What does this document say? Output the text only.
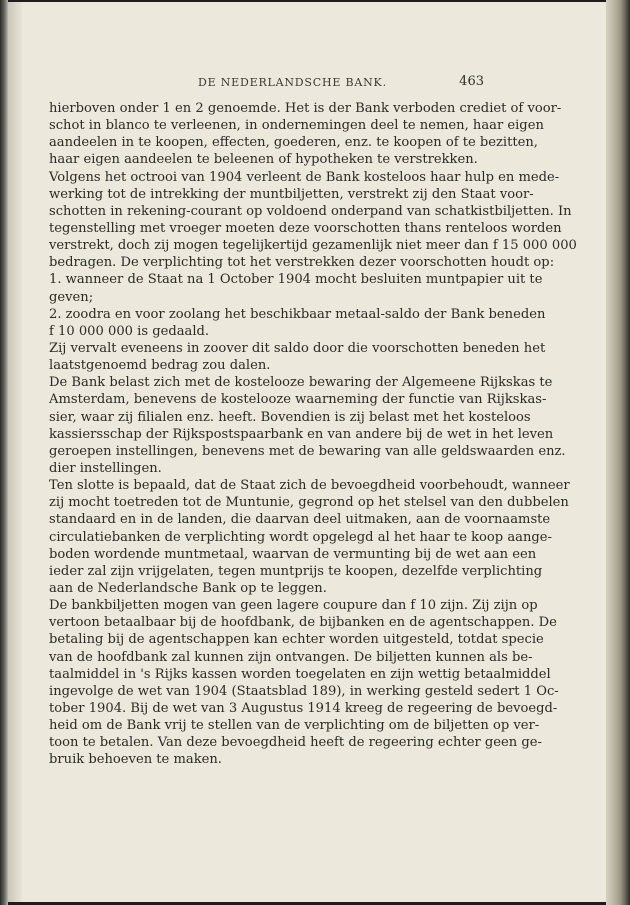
DE NEDERLANDSCHE BANK.	463
hierboven onder 1 en 2 genoemde. Het is der Bank verboden crediet of voor-
schot in blanco te verleenen, in ondernemingen deel te nemen, haar eigen
aandeelen in te koopen, effecten, goederen, enz. te koopen of te bezitten,
haar eigen aandeelen te beleenen of hypotheken te verstrekken.
Volgens het octrooi van 1904 verleent de Bank kosteloos haar hulp en mede-
werking tot de intrekking der muntbiljetten, verstrekt zij den Staat voor-
schotten in rekening-courant op voldoend onderpand van schatkistbiljetten. In
tegenstelling met vroeger moeten deze voorschotten thans renteloos worden
verstrekt, doch zij mogen tegelijkertijd gezamenlijk niet meer dan f 15 000 000
bedragen. De verplichting tot het verstrekken dezer voorschotten houdt op:
1. wanneer de Staat na 1 October 1904 mocht besluiten muntpapier uit te
geven;
2. zoodra en voor zoolang het beschikbaar metaal-saldo der Bank beneden
f 10 000 000 is gedaald.
Zij vervalt eveneens in zoover dit saldo door die voorschotten beneden het
laatstgenoemd bedrag zou dalen.
De Bank belast zich met de kostelooze bewaring der Algemeene Rijkskas te
Amsterdam, benevens de kostelooze waarneming der functie van Rijkskas-
sier, waar zij filialen enz. heeft. Bovendien is zij belast met het kosteloos
kassiersschap der Rijkspostspaarbank en van andere bij de wet in het leven
geroepen instellingen, benevens met de bewaring van alle geldswaarden enz.
dier instellingen.
Ten slotte is bepaald, dat de Staat zich de bevoegdheid voorbehoudt, wanneer
zij mocht toetreden tot de Muntunie, gegrond op het stelsel van den dubbelen
standaard en in de landen, die daarvan deel uitmaken, aan de voornaamste
circulatiebanken de verplichting wordt opgelegd al het haar te koop aange-
boden wordende muntmetaal, waarvan de vermunting bij de wet aan een
ieder zal zijn vrijgelaten, tegen muntprijs te koopen, dezelfde verplichting
aan de Nederlandsche Bank op te leggen.
De bankbiljetten mogen van geen lagere coupure dan f 10 zijn. Zij zijn op
vertoon betaalbaar bij de hoofdbank, de bijbanken en de agentschappen. De
betaling bij de agentschappen kan echter worden uitgesteld, totdat specie
van de hoofdbank zal kunnen zijn ontvangen. De biljetten kunnen als be-
taalmiddel in 's Rijks kassen worden toegelaten en zijn wettig betaalmiddel
ingevolge de wet van 1904 (Staatsblad 189), in werking gesteld sedert 1 Oc-
tober 1904. Bij de wet van 3 Augustus 1914 kreeg de regeering de bevoegd-
heid om de Bank vrij te stellen van de verplichting om de biljetten op ver-
toon te betalen. Van deze bevoegdheid heeft de regeering echter geen ge-
bruik behoeven te maken.
